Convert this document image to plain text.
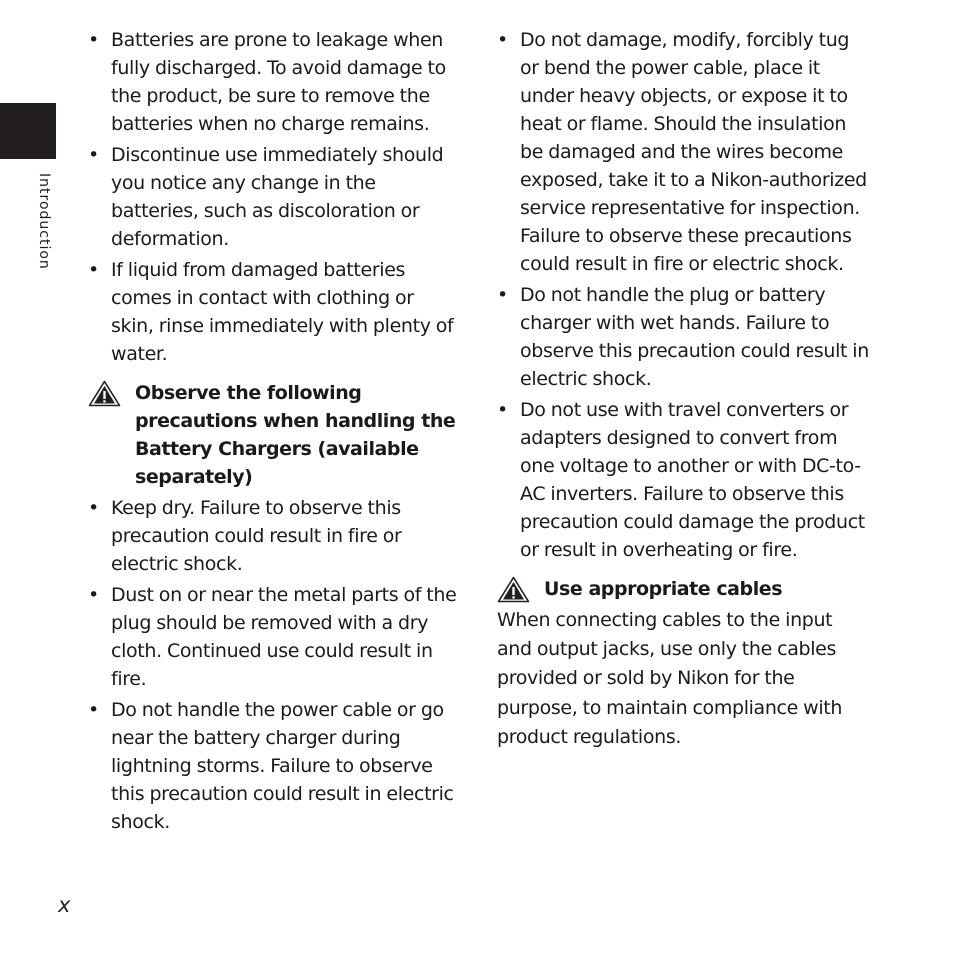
Introduction
• Batteries are prone to leakage when fully discharged. To avoid damage to the product, be sure to remove the batteries when no charge remains.
• Discontinue use immediately should you notice any change in the batteries, such as discoloration or deformation.
• If liquid from damaged batteries comes in contact with clothing or skin, rinse immediately with plenty of water.
Observe the following precautions when handling the Battery Chargers (available separately)
• Keep dry. Failure to observe this precaution could result in fire or electric shock.
• Dust on or near the metal parts of the plug should be removed with a dry cloth. Continued use could result in fire.
• Do not handle the power cable or go near the battery charger during lightning storms. Failure to observe this precaution could result in electric shock.
• Do not damage, modify, forcibly tug or bend the power cable, place it under heavy objects, or expose it to heat or flame. Should the insulation be damaged and the wires become exposed, take it to a Nikon-authorized service representative for inspection. Failure to observe these precautions could result in fire or electric shock.
• Do not handle the plug or battery charger with wet hands. Failure to observe this precaution could result in electric shock.
• Do not use with travel converters or adapters designed to convert from one voltage to another or with DC-to-AC inverters. Failure to observe this precaution could damage the product or result in overheating or fire.
Use appropriate cables

When connecting cables to the input and output jacks, use only the cables provided or sold by Nikon for the purpose, to maintain compliance with product regulations.

x
